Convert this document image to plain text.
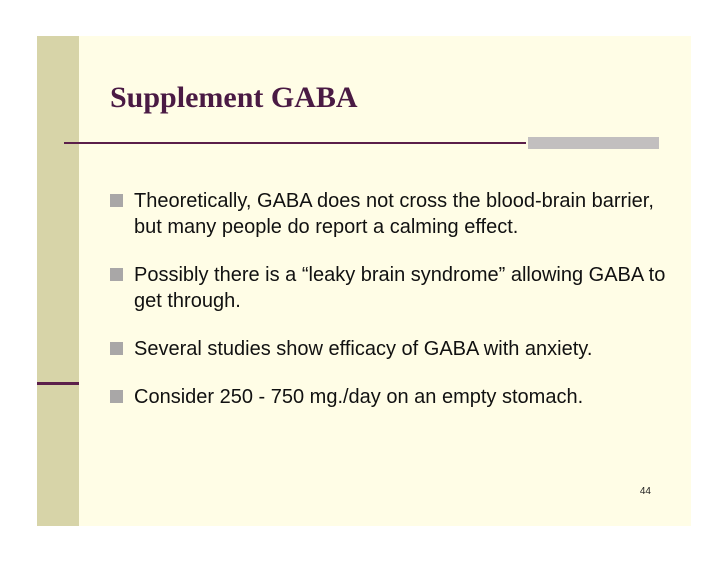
Supplement GABA
Theoretically, GABA does not cross the blood-brain barrier, but many people do report a calming effect.
Possibly there is a “leaky brain syndrome” allowing GABA to get through.
Several studies show efficacy of GABA with anxiety.
Consider 250 - 750 mg./day on an empty stomach.
44
